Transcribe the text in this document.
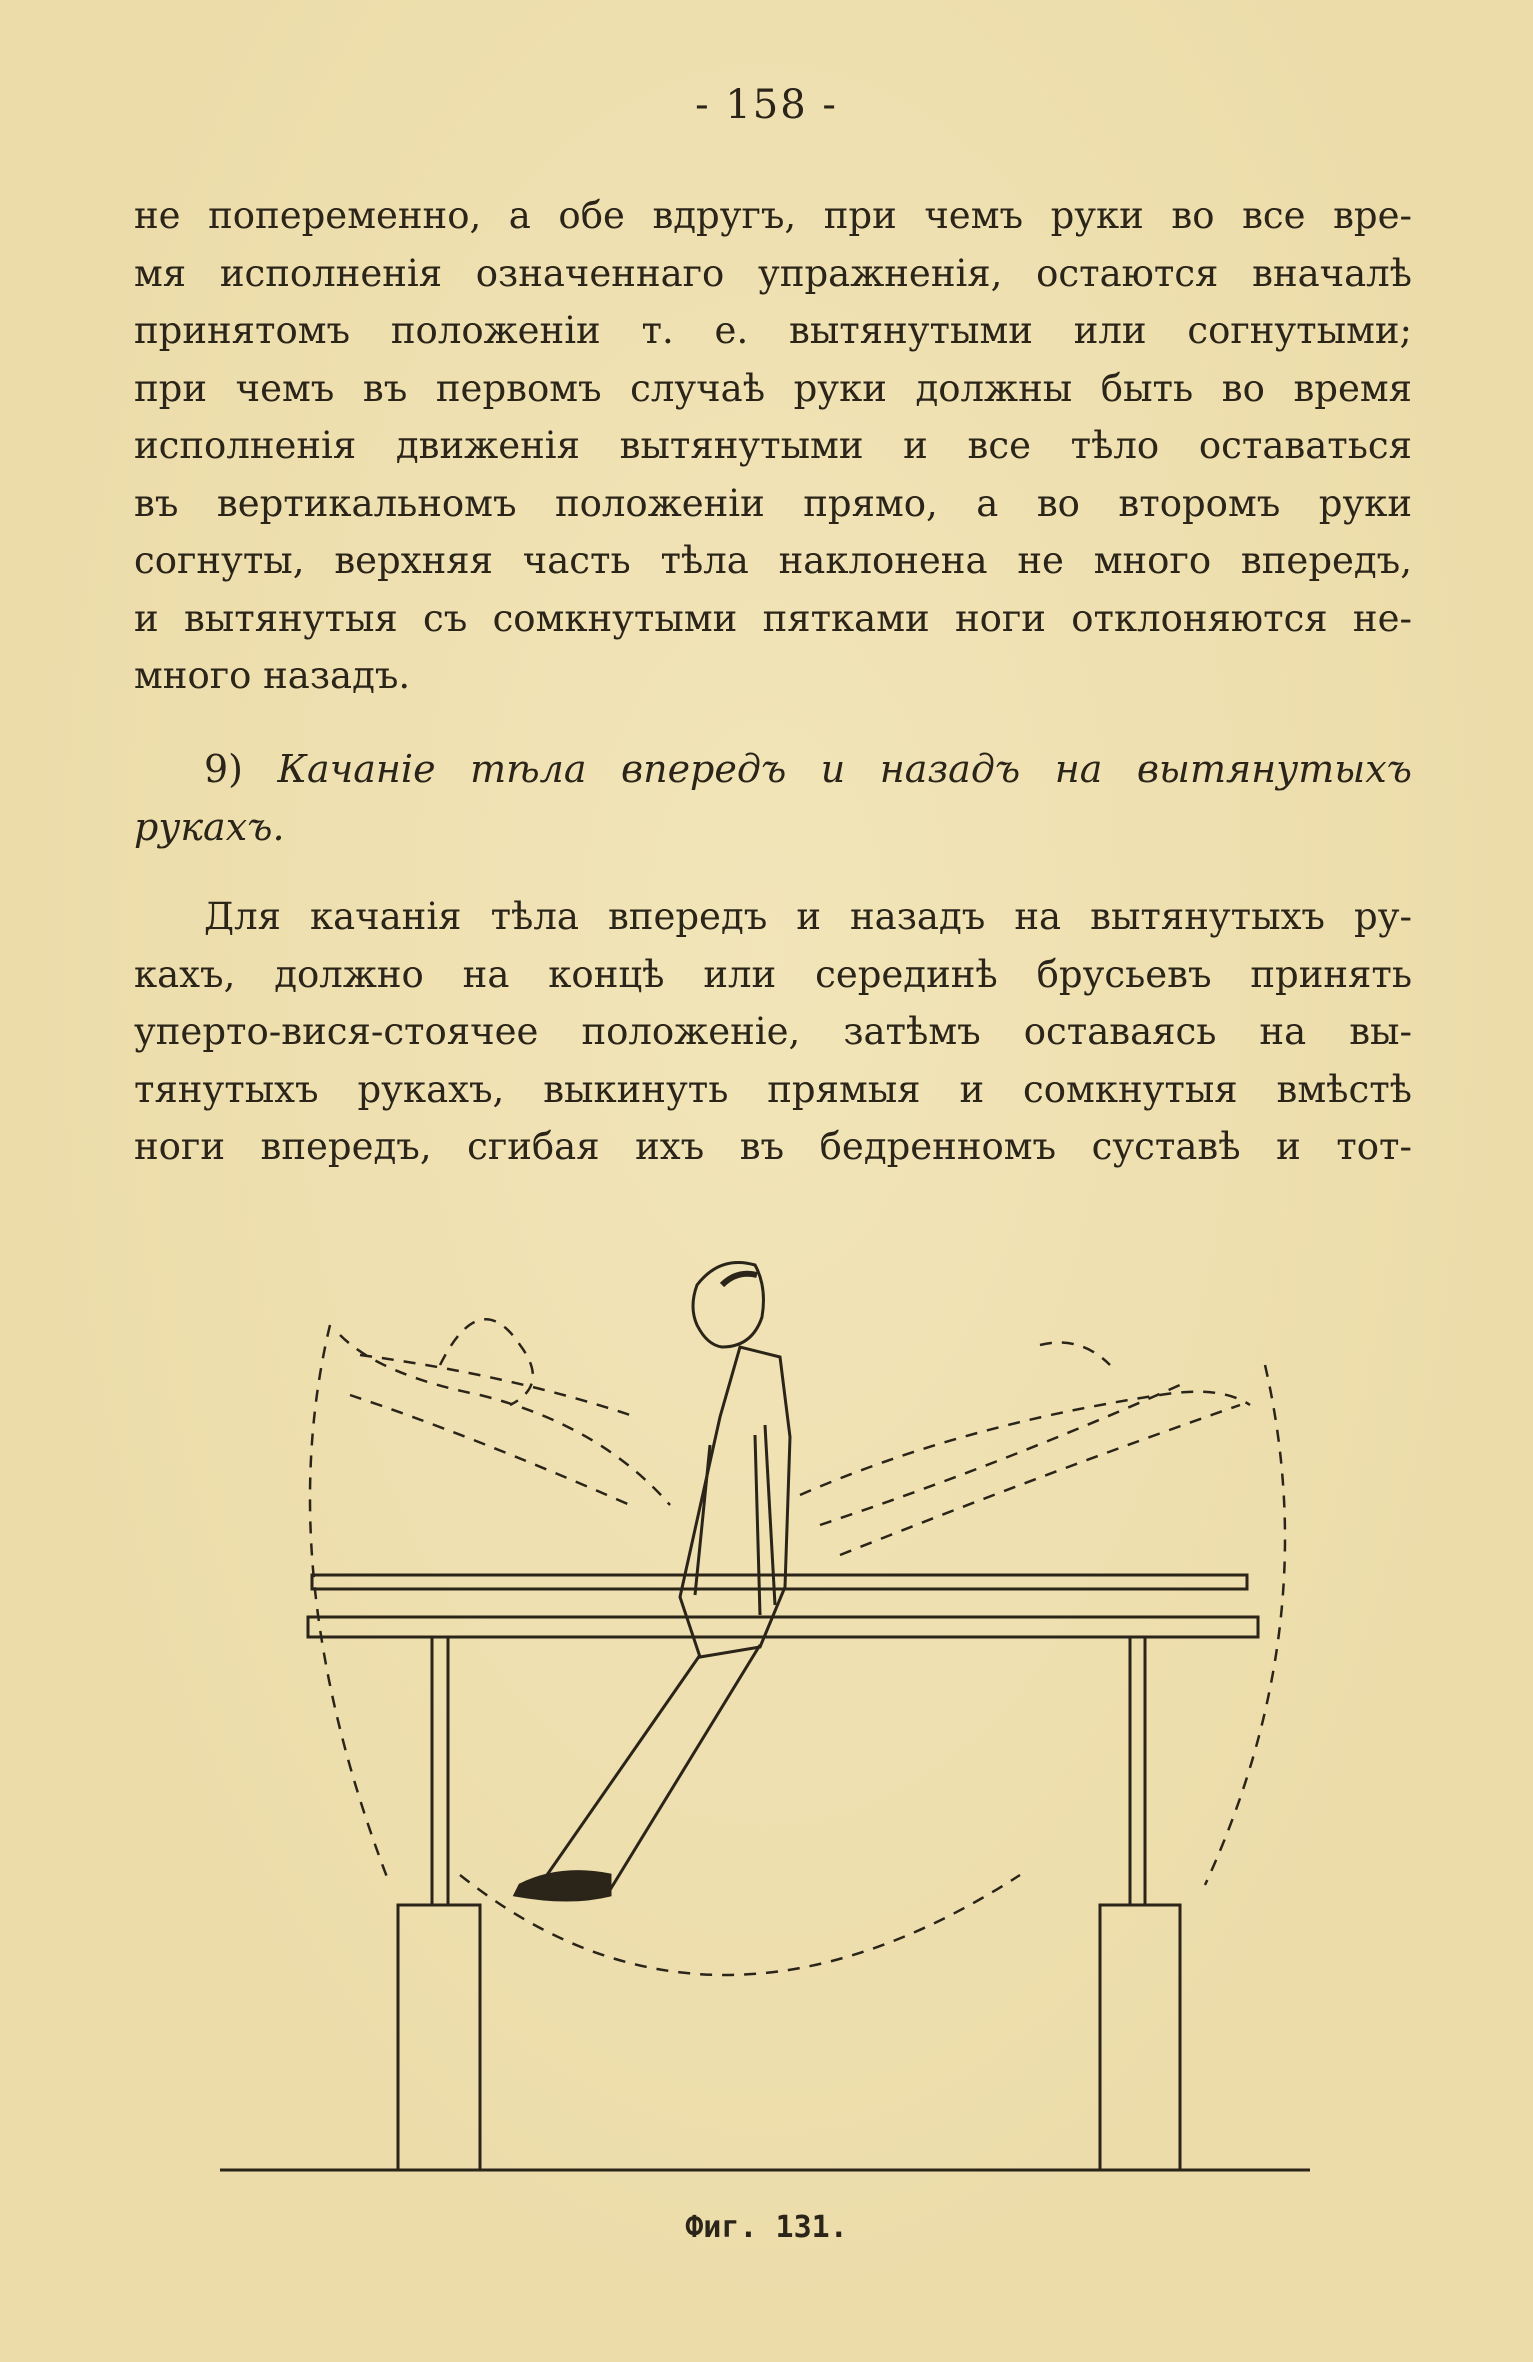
- 158 -
не попеременно, а обе вдругъ, при чемъ руки во все вре-
мя исполненія означеннаго упражненія, остаются вначалѣ
принятомъ положеніи т. е. вытянутыми или согнутыми;
при чемъ въ первомъ случаѣ руки должны быть во время
исполненія движенія вытянутыми и все тѣло оставаться
въ вертикальномъ положеніи прямо, а во второмъ руки
согнуты, верхняя часть тѣла наклонена не много впередъ,
и вытянутыя съ сомкнутыми пятками ноги отклоняются не-
много назадъ.
9) Качаніе тѣла впередъ и назадъ на вытянутыхъ
рукахъ.
Для качанія тѣла впередъ и назадъ на вытянутыхъ ру-
кахъ, должно на концѣ или серединѣ брусьевъ принять
уперто-вися-стоячее положеніе, затѣмъ оставаясь на вы-
тянутыхъ рукахъ, выкинуть прямыя и сомкнутыя вмѣстѣ
ноги впередъ, сгибая ихъ въ бедренномъ суставѣ и тот-
Фиг. 131.
